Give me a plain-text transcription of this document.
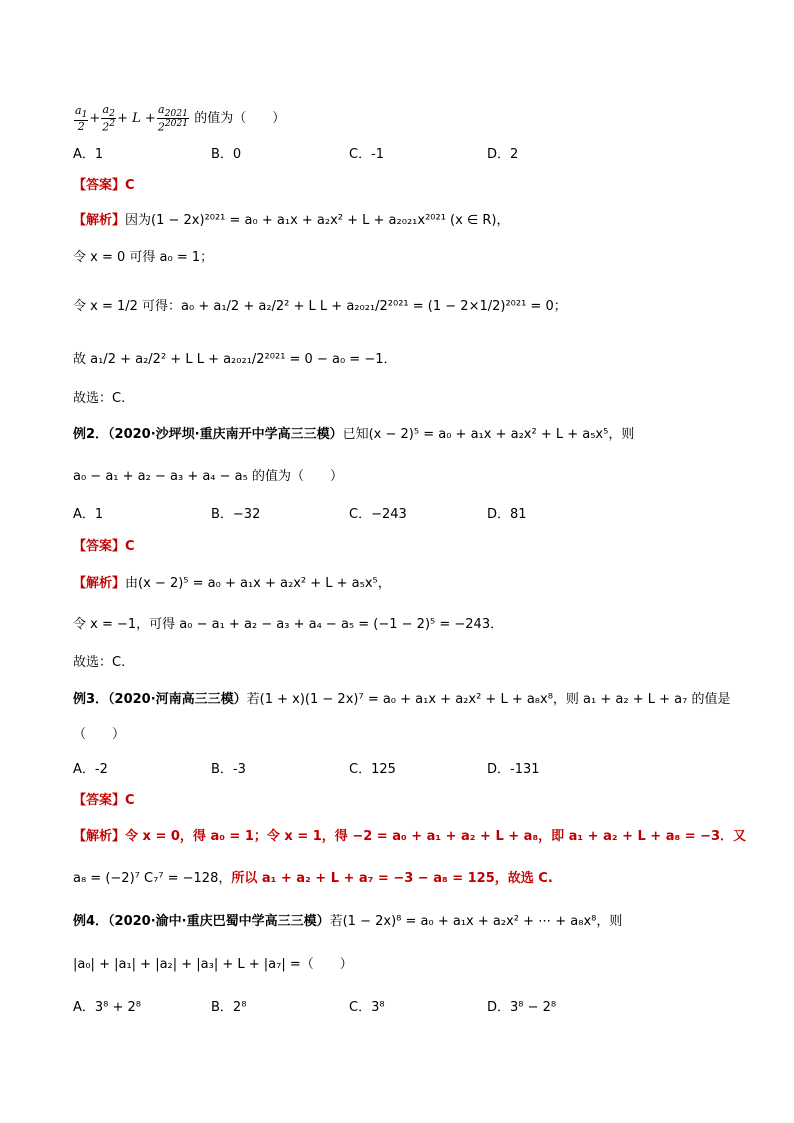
$\frac{a_1}{2} + \frac{a_2}{2^2} + L + \frac{a_{2021}}{2^{2021}}$ 的值为（　　）
A．1	B．0	C．-1	D．2
【答案】C
【解析】因为(1 − 2x)²⁰²¹ = a₀ + a₁x + a₂x² + L + a₂₀₂₁x²⁰²¹ (x ∈ R)，
令 x = 0 可得 a₀ = 1；
令 x = 1/2 可得：a₀ + a₁/2 + a₂/2² + L L + a₂₀₂₁/2²⁰²¹ = (1 − 2×1/2)²⁰²¹ = 0；
故 a₁/2 + a₂/2² + L L + a₂₀₂₁/2²⁰²¹ = 0 − a₀ = −1．
故选：C.
例2．（2020·沙坪坝·重庆南开中学高三三模）已知(x − 2)⁵ = a₀ + a₁x + a₂x² + L + a₅x⁵，则
a₀ − a₁ + a₂ − a₃ + a₄ − a₅ 的值为（　　）
A．1	B．−32	C．−243	D．81
【答案】C
【解析】由(x − 2)⁵ = a₀ + a₁x + a₂x² + L + a₅x⁵，
令 x = −1，可得 a₀ − a₁ + a₂ − a₃ + a₄ − a₅ = (−1 − 2)⁵ = −243．
故选：C.
例3．（2020·河南高三三模）若(1 + x)(1 − 2x)⁷ = a₀ + a₁x + a₂x² + L + a₈x⁸，则 a₁ + a₂ + L + a₇ 的值是
（　　）
A．-2	B．-3	C．125	D．-131
【答案】C
【解析】令 x = 0，得 a₀ = 1；令 x = 1，得 −2 = a₀ + a₁ + a₂ + L + a₈，即 a₁ + a₂ + L + a₈ = −3．又
a₈ = (−2)⁷ C₇⁷ = −128，所以 a₁ + a₂ + L + a₇ = −3 − a₈ = 125，故选 C.
例4．（2020·渝中·重庆巴蜀中学高三三模）若(1 − 2x)⁸ = a₀ + a₁x + a₂x² + ⋯ + a₈x⁸，则
|a₀| + |a₁| + |a₂| + |a₃| + L + |a₇| =（　　）
A．3⁸ + 2⁸	B．2⁸	C．3⁸	D．3⁸ − 2⁸
